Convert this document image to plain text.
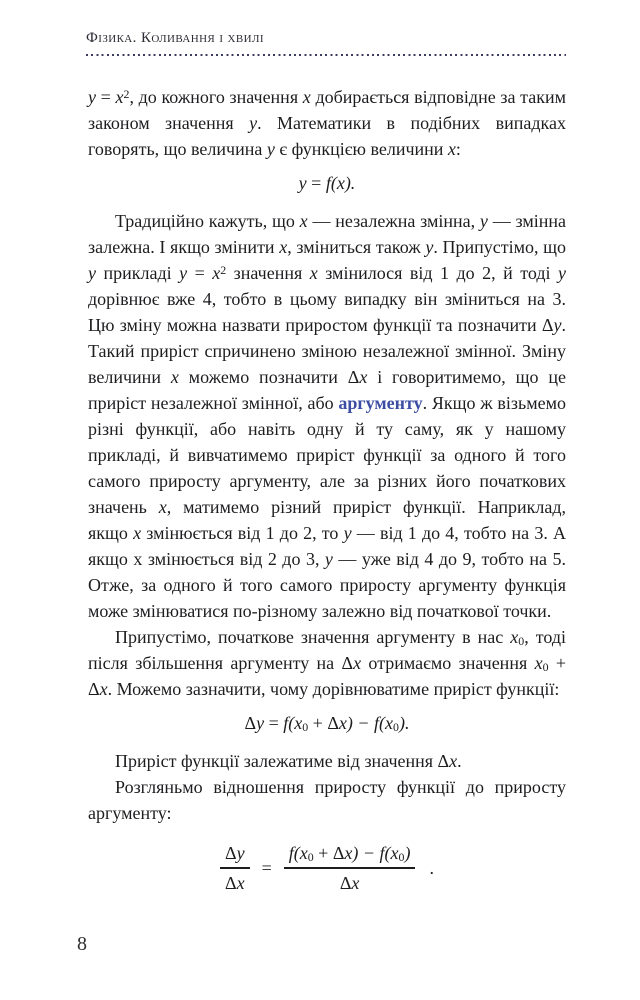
Фізика. Коливання і хвилі

$y = x^2$, до кожного значення x добирається відповідне за таким законом значення y. Математики в подібних випадках говорять, що величина y є функцією величини x:

y = f(x).

Традиційно кажуть, що x — незалежна змінна, y — змінна залежна. І якщо змінити x, зміниться також y. Припустімо, що у прикладі $y = x^2$ значення x змінилося від 1 до 2, й тоді y дорівнює вже 4, тобто в цьому випадку він зміниться на 3. Цю зміну можна назвати приростом функції та позначити Δy. Такий приріст спричинено зміною незалежної змінної. Зміну величини x можемо позначити Δx і говоритимемо, що це приріст незалежної змінної, або аргументу. Якщо ж візьмемо різні функції, або навіть одну й ту саму, як у нашому прикладі, й вивчатимемо приріст функції за одного й того самого приросту аргументу, але за різних його початкових значень x, матимемо різний приріст функції. Наприклад, якщо x змінюється від 1 до 2, то y — від 1 до 4, тобто на 3. А якщо х змінюється від 2 до 3, y — уже від 4 до 9, тобто на 5. Отже, за одного й того самого приросту аргументу функція може змінюватися по-різному залежно від початкової точки.

Припустімо, початкове значення аргументу в нас $x_0$, тоді після збільшення аргументу на Δx отримаємо значення $x_0 + \Delta x$. Можемо зазначити, чому дорівнюватиме приріст функції:

$\Delta y = f(x_0 + \Delta x) - f(x_0)$.

Приріст функції залежатиме від значення Δx.

Розгляньмо відношення приросту функції до приросту аргументу:

$\frac{\Delta y}{\Delta x} = \frac{f(x_0 + \Delta x) - f(x_0)}{\Delta x}$ .
8
